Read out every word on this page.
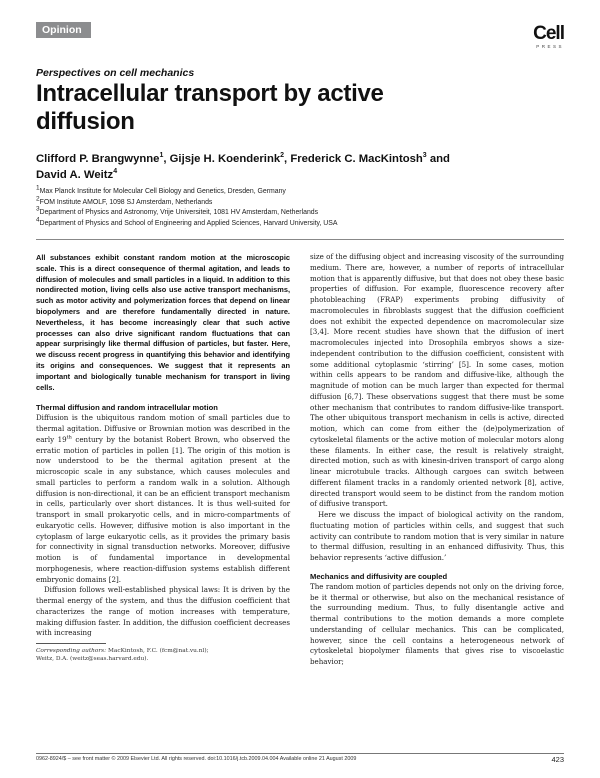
Opinion	Cell
PRESS
Perspectives on cell mechanics
Intracellular transport by active diffusion
Clifford P. Brangwynne$^1$, Gijsje H. Koenderink$^2$, Frederick C. MacKintosh$^3$ and
David A. Weitz$^4$
$^1$Max Planck Institute for Molecular Cell Biology and Genetics, Dresden, Germany
$^2$FOM Institute AMOLF, 1098 SJ Amsterdam, Netherlands
$^3$Department of Physics and Astronomy, Vrije Universiteit, 1081 HV Amsterdam, Netherlands
$^4$Department of Physics and School of Engineering and Applied Sciences, Harvard University, USA

All substances exhibit constant random motion at the microscopic scale. This is a direct consequence of thermal agitation, and leads to diffusion of molecules and small particles in a liquid. In addition to this nondirected motion, living cells also use active transport mechanisms, such as motor activity and polymerization forces that depend on linear biopolymers and are therefore fundamentally directed in nature. Nevertheless, it has become increasingly clear that such active processes can also drive significant random fluctuations that can appear surprisingly like thermal diffusion of particles, but faster. Here, we discuss recent progress in quantifying this behavior and identifying its origins and consequences. We suggest that it represents an important and biologically tunable mechanism for transport in living cells.

Thermal diffusion and random intracellular motion

Diffusion is the ubiquitous random motion of small particles due to thermal agitation. Diffusive or Brownian motion was described in the early 19th century by the botanist Robert Brown, who observed the erratic motion of particles in pollen [1]. The origin of this motion is now understood to be the thermal agitation present at the microscopic scale in any substance, which causes molecules and small particles to perform a random walk in a solution. Although diffusion is non-directional, it can be an efficient transport mechanism in cells, particularly over short distances. It is thus well-suited for transport in small prokaryotic cells, and in micro-compartments of eukaryotic cells. However, diffusive motion is also important in the cytoplasm of large eukaryotic cells, as it provides the primary basis for connectivity in signal transduction networks. Moreover, diffusive motion is of fundamental importance in developmental morphogenesis, where reaction-diffusion systems establish different embryonic domains [2].

Diffusion follows well-established physical laws: It is driven by the thermal energy of the system, and thus the diffusion coefficient that characterizes the range of motion increases with temperature, making diffusion faster. In addition, the diffusion coefficient decreases with increasing

Corresponding authors: MacKintosh, F.C. (fcm@nat.vu.nl);
Weitz, D.A. (weitz@seas.harvard.edu).

size of the diffusing object and increasing viscosity of the surrounding medium. There are, however, a number of reports of intracellular motion that is apparently diffusive, but that does not obey these basic properties of diffusion. For example, fluorescence recovery after photobleaching (FRAP) experiments probing diffusivity of macromolecules in fibroblasts suggest that the diffusion coefficient does not exhibit the expected dependence on macromolecular size [3,4]. More recent studies have shown that the diffusion of inert macromolecules injected into Drosophila embryos shows a size-independent contribution to the diffusion coefficient, consistent with some additional cytoplasmic ‘stirring’ [5]. In some cases, motion within cells appears to be random and diffusive-like, although the magnitude of motion can be much larger than expected for thermal diffusion [6,7]. These observations suggest that there must be some other mechanism that contributes to random diffusive-like transport. The other ubiquitous transport mechanism in cells is active, directed motion, which can come from either the (de)polymerization of cytoskeletal filaments or the active motion of molecular motors along these filaments. In either case, the result is relatively straight, directed motion, such as with kinesin-driven transport of cargo along linear microtubule tracks. Although cargoes can switch between different filament tracks in a randomly oriented network [8], active, directed transport would seem to be distinct from the random motion of diffusive transport.

Here we discuss the impact of biological activity on the random, fluctuating motion of particles within cells, and suggest that such activity can contribute to random motion that is very similar in nature to thermal diffusion, resulting in an enhanced diffusivity. Thus, this behavior represents ‘active diffusion.’

Mechanics and diffusivity are coupled

The random motion of particles depends not only on the driving force, be it thermal or otherwise, but also on the mechanical resistance of the surrounding medium. Thus, to fully disentangle active and thermal contributions to the motion demands a more complete understanding of cellular mechanics. This can be complicated, however, since the cell contains a heterogeneous network of cytoskeletal biopolymer filaments that gives rise to viscoelastic behavior;

0962-8924/$ – see front matter © 2009 Elsevier Ltd. All rights reserved. doi:10.1016/j.tcb.2009.04.004 Available online 21 August 2009	423
